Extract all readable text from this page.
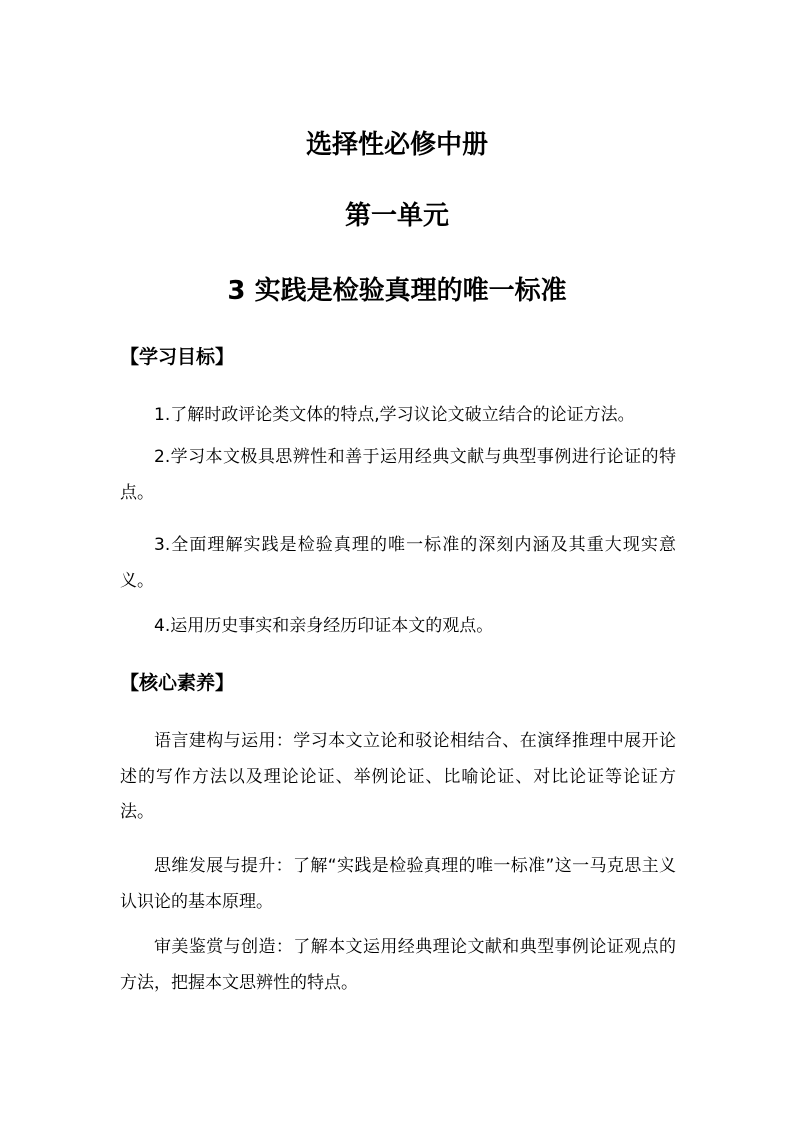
选择性必修中册
第一单元
3 实践是检验真理的唯一标准
【学习目标】

1.了解时政评论类文体的特点,学习议论文破立结合的论证方法。

2.学习本文极具思辨性和善于运用经典文献与典型事例进行论证的特点。

3.全面理解实践是检验真理的唯一标准的深刻内涵及其重大现实意义。

4.运用历史事实和亲身经历印证本文的观点。

【核心素养】

语言建构与运用：学习本文立论和驳论相结合、在演绎推理中展开论述的写作方法以及理论论证、举例论证、比喻论证、对比论证等论证方法。

思维发展与提升：了解“实践是检验真理的唯一标准”这一马克思主义认识论的基本原理。

审美鉴赏与创造：了解本文运用经典理论文献和典型事例论证观点的方法，把握本文思辨性的特点。
